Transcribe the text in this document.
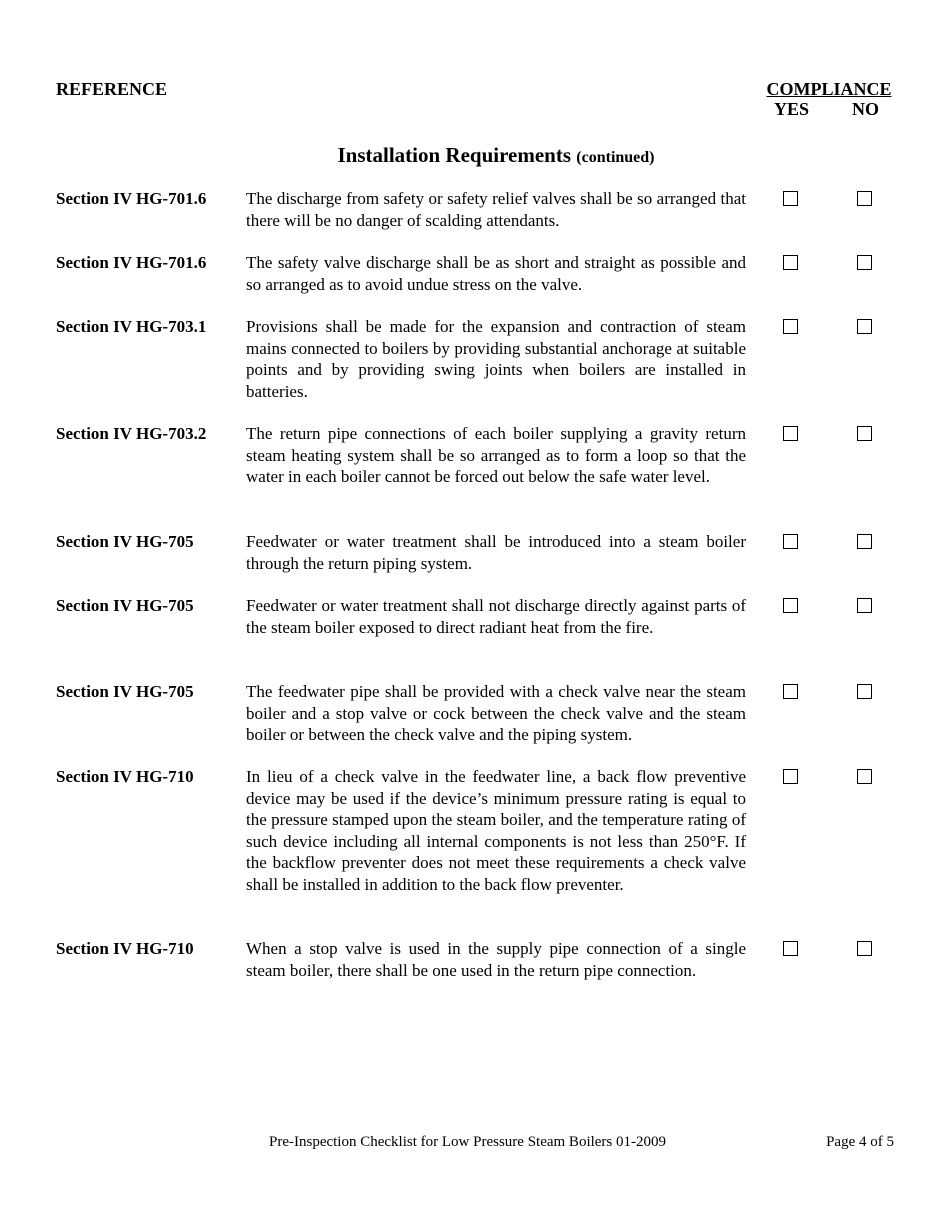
REFERENCE	COMPLIANCE
YES NO
Installation Requirements (continued)
Section IV HG-701.6 The discharge from safety or safety relief valves shall be so arranged that there will be no danger of scalding attendants.
Section IV HG-701.6 The safety valve discharge shall be as short and straight as possible and so arranged as to avoid undue stress on the valve.
Section IV HG-703.1 Provisions shall be made for the expansion and contraction of steam mains connected to boilers by providing substantial anchorage at suitable points and by providing swing joints when boilers are installed in batteries.
Section IV HG-703.2 The return pipe connections of each boiler supplying a gravity return steam heating system shall be so arranged as to form a loop so that the water in each boiler cannot be forced out below the safe water level.
Section IV HG-705	Feedwater or water treatment shall be introduced into a steam boiler through the return piping system.
Section IV HG-705	Feedwater or water treatment shall not discharge directly against parts of the steam boiler exposed to direct radiant heat from the fire.
Section IV HG-705	The feedwater pipe shall be provided with a check valve near the steam boiler and a stop valve or cock between the check valve and the steam boiler or between the check valve and the piping system.
Section IV HG-710	In lieu of a check valve in the feedwater line, a back flow preventive device may be used if the device’s minimum pressure rating is equal to the pressure stamped upon the steam boiler, and the temperature rating of such device including all internal components is not less than 250°F. If the backflow preventer does not meet these requirements a check valve shall be installed in addition to the back flow preventer.
Section IV HG-710	When a stop valve is used in the supply pipe connection of a single steam boiler, there shall be one used in the return pipe connection.
Pre-Inspection Checklist for Low Pressure Steam Boilers 01-2009	Page 4 of 5
